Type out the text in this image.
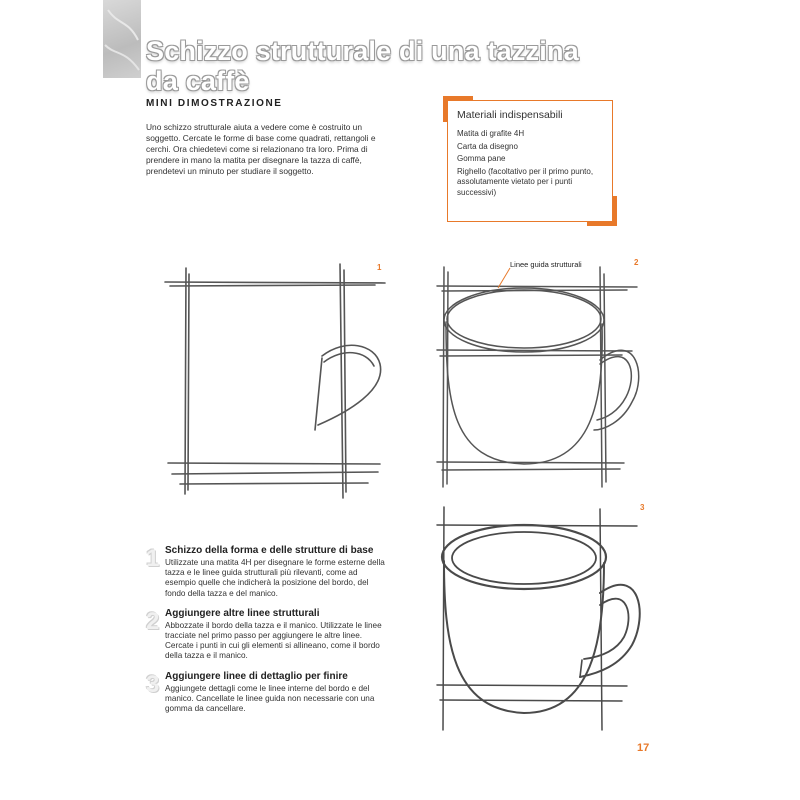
Schizzo strutturale di una tazzina da caffè
MINI DIMOSTRAZIONE

Uno schizzo strutturale aiuta a vedere come è costruito un soggetto. Cercate le forme di base come quadrati, rettangoli e cerchi. Ora chiedetevi come si relazionano tra loro. Prima di prendere in mano la matita per disegnare la tazza di caffè, prendetevi un minuto per studiare il soggetto.

Materiali indispensabili
Matita di grafite 4H
Carta da disegno
Gomma pane
Righello (facoltativo per il primo punto, assolutamente vietato per i punti successivi)
1	Linee guida strutturali	2
3
1 Schizzo della forma e delle strutture di base

Utilizzate una matita 4H per disegnare le forme esterne della tazza e le linee guida strutturali più rilevanti, come ad esempio quelle che indicherà la posizione del bordo, del fondo della tazza e del manico.

2 Aggiungere altre linee strutturali

Abbozzate il bordo della tazza e il manico. Utilizzate le linee tracciate nel primo passo per aggiungere le altre linee. Cercate i punti in cui gli elementi si allineano, come il bordo della tazza e il manico.

3 Aggiungere linee di dettaglio per finire

Aggiungete dettagli come le linee interne del bordo e del manico. Cancellate le linee guida non necessarie con una gomma da cancellare.

17
